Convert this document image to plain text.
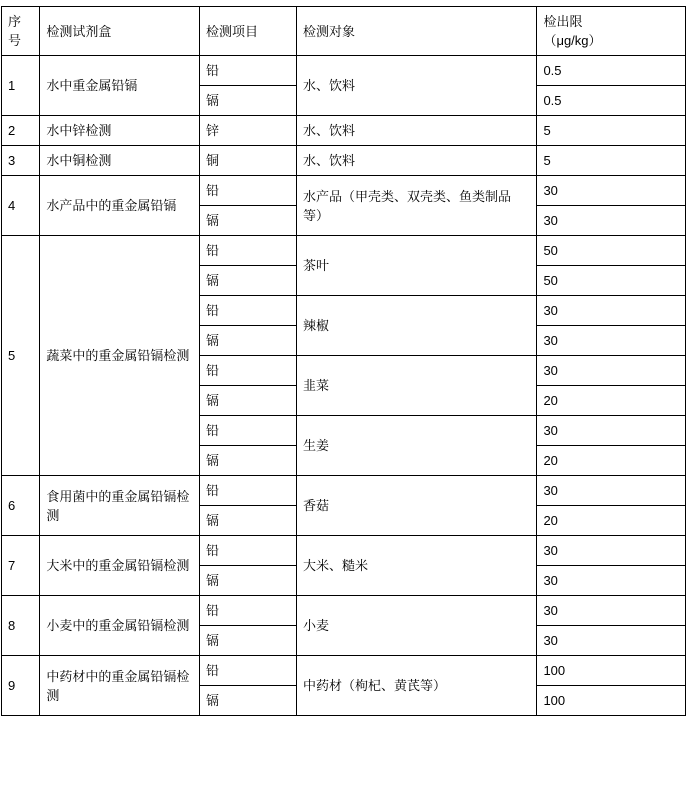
序号	检测试剂盒	检测项目	检测对象	检出限
（μg/kg）

1	水中重金属铅镉	铅	水、饮料	0.5
		镉		0.5
2	水中锌检测	锌	水、饮料	5
3	水中铜检测	铜	水、饮料	5
4	水产品中的重金属铅镉	铅	水产品（甲壳类、双壳类、鱼类制品等）	30
		镉		30
5	蔬菜中的重金属铅镉检测	铅	茶叶	50
		镉		50
		铅	辣椒	30
		镉		30
		铅	韭菜	30
		镉		20
		铅	生姜	30
		镉		20
6	食用菌中的重金属铅镉检测	铅	香菇	30
		镉		20
7	大米中的重金属铅镉检测	铅	大米、糙米	30
		镉		30
8	小麦中的重金属铅镉检测	铅	小麦	30
		镉		30
9	中药材中的重金属铅镉检测	铅	中药材（枸杞、黄芪等）	100
		镉		100
